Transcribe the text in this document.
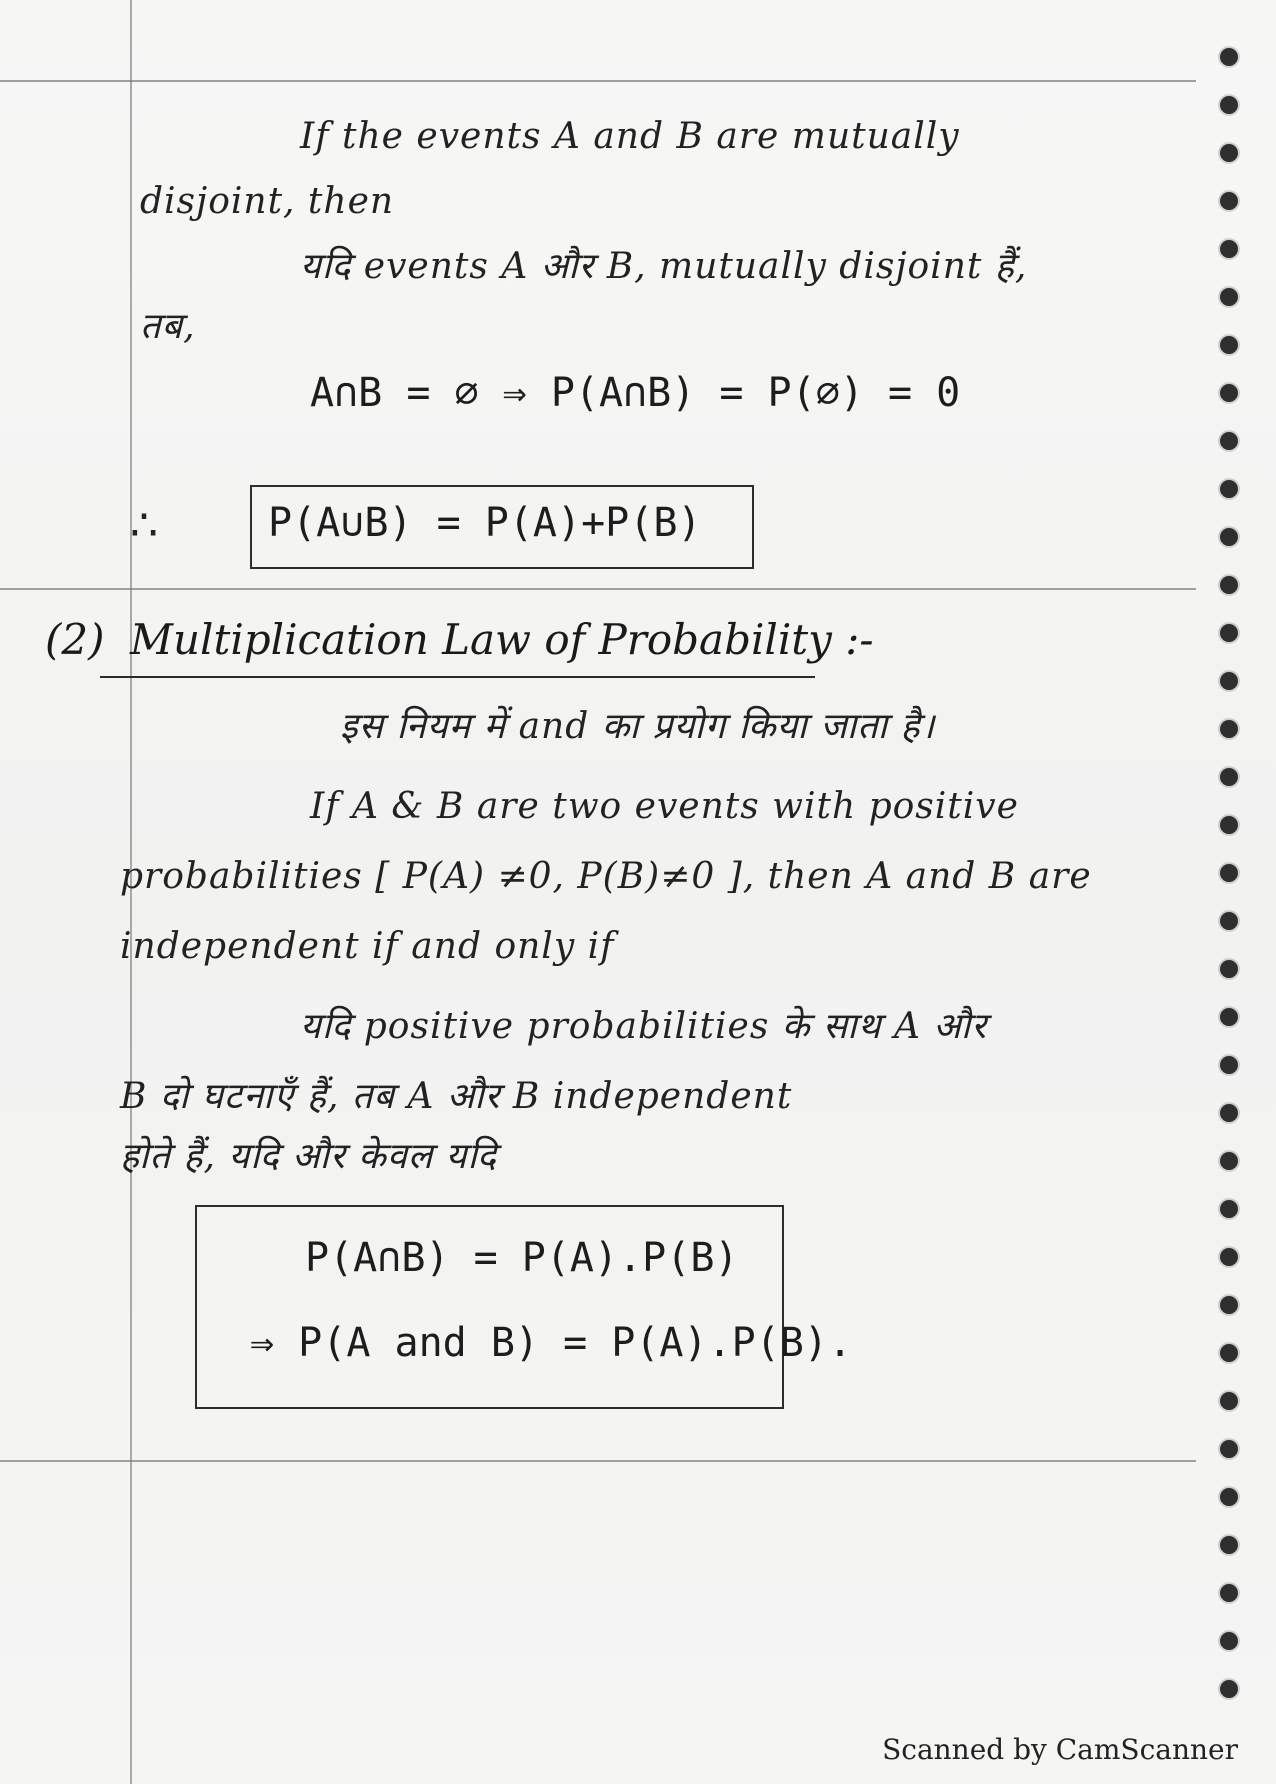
If the events A and B are mutually
disjoint, then
यदि events A और B, mutually disjoint हैं,
तब,
A∩B = ∅ ⇒ P(A∩B) = P(∅) = 0
∴	P(A∪B) = P(A)+P(B)
(2) Multiplication Law of Probability :-
इस नियम में and का प्रयोग किया जाता है।
If A & B are two events with positive
probabilities [ P(A) ≠0, P(B)≠0 ], then A and B are
independent if and only if
यदि positive probabilities के साथ A और
B दो घटनाएँ हैं, तब A और B independent
होते हैं, यदि और केवल यदि
P(A∩B) = P(A).P(B)
⇒ P(A and B) = P(A).P(B).
Scanned by CamScanner
